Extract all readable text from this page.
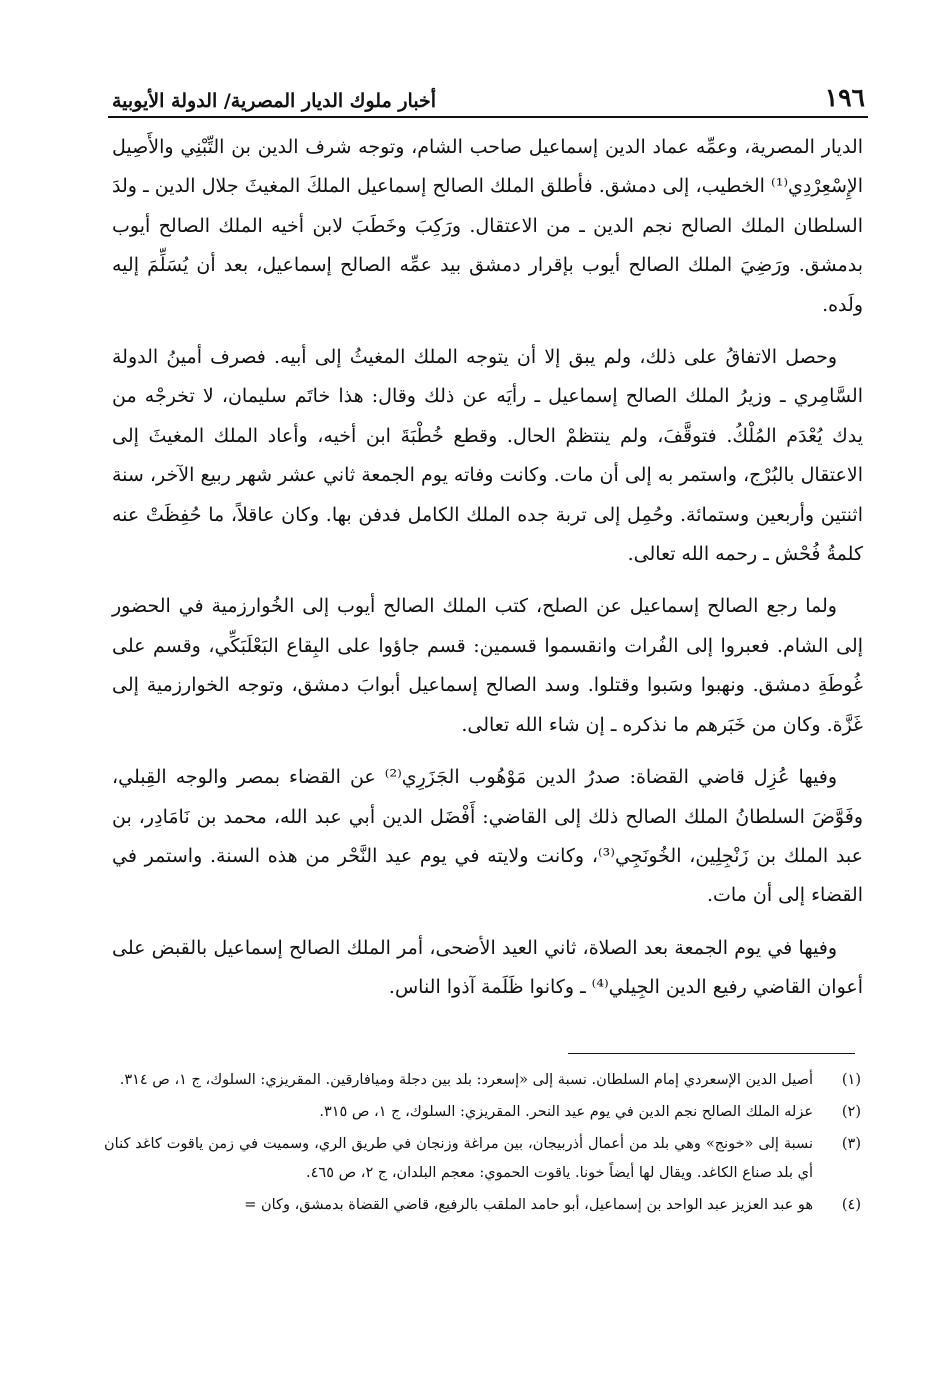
١٩٦
أخبار ملوك الديار المصرية/ الدولة الأيوبية

الديار المصرية، وعمِّه عماد الدين إسماعيل صاحب الشام، وتوجه شرف الدين بن التِّبْنِي والأَصِيل الإِسْعِرْدِي⁽¹⁾ الخطيب، إلى دمشق. فأطلق الملك الصالح إسماعيل الملكَ المغيثَ جلال الدين ـ ولدَ السلطان الملك الصالح نجم الدين ـ من الاعتقال. ورَكِبَ وخَطَبَ لابن أخيه الملك الصالح أيوب بدمشق. ورَضِيَ الملك الصالح أيوب بإقرار دمشق بيد عمِّه الصالح إسماعيل، بعد أن يُسَلِّمَ إليه ولَده.

وحصل الاتفاقُ على ذلك، ولم يبق إلا أن يتوجه الملك المغيثُ إلى أبيه. فصرف أمينُ الدولة السَّامِري ـ وزيرُ الملك الصالح إسماعيل ـ رأيَه عن ذلك وقال: هذا خاتَم سليمان، لا تخرجْه من يدك يُعْدَم المُلْكُ. فتوقَّفَ، ولم ينتظمْ الحال. وقطع خُطْبَةَ ابن أخيه، وأعاد الملك المغيثَ إلى الاعتقال بالبُرْج، واستمر به إلى أن مات. وكانت وفاته يوم الجمعة ثاني عشر شهر ربيع الآخر، سنة اثنتين وأربعين وستمائة. وحُمِل إلى تربة جده الملك الكامل فدفن بها. وكان عاقلاً، ما حُفِظَتْ عنه كلمةُ فُحْش ـ رحمه الله تعالى.

ولما رجع الصالح إسماعيل عن الصلح، كتب الملك الصالح أيوب إلى الخُوارزمية في الحضور إلى الشام. فعبروا إلى الفُرات وانقسموا قسمين: قسم جاؤوا على البِقاع البَعْلَبَكِّي، وقسم على غُوطَةِ دمشق. ونهبوا وسَبوا وقتلوا. وسد الصالح إسماعيل أبوابَ دمشق، وتوجه الخوارزمية إلى غَزَّة. وكان من خَبَرهم ما نذكره ـ إن شاء الله تعالى.

وفيها عُزِل قاضي القضاة: صدرُ الدين مَوْهُوب الجَزَرِي⁽²⁾ عن القضاء بمصر والوجه القِبلي، وفَوَّضَ السلطانُ الملك الصالح ذلك إلى القاضي: أَفْضَل الدين أبي عبد الله، محمد بن نَامَادِر، بن عبد الملك بن زَنْجِلِين، الخُونَجِي⁽³⁾، وكانت ولايته في يوم عيد النَّحْر من هذه السنة. واستمر في القضاء إلى أن مات.

وفيها في يوم الجمعة بعد الصلاة، ثاني العيد الأضحى، أمر الملك الصالح إسماعيل بالقبض على أعوان القاضي رفيع الدين الجِيلي⁽⁴⁾ ـ وكانوا ظَلَمة آذوا الناس.

(١)
أصيل الدين الإسعردي إمام السلطان. نسبة إلى «إسعرد: بلد بين دجلة وميافارقين. المقريزي: السلوك، ج ١، ص ٣١٤.
(٢)
عزله الملك الصالح نجم الدين في يوم عيد النحر. المقريزي: السلوك، ج ١، ص ٣١٥.
(٣)
نسبة إلى «خونج» وهي بلد من أعمال أذربيجان، بين مراغة وزنجان في طريق الري، وسميت في زمن ياقوت كاغد كنان أي بلد صناع الكاغد. ويقال لها أيضاً خونا. ياقوت الحموي: معجم البلدان، ج ٢، ص ٤٦٥.
(٤)
هو عبد العزيز عبد الواحد بن إسماعيل، أبو حامد الملقب بالرفيع، قاضي القضاة بدمشق، وكان =
